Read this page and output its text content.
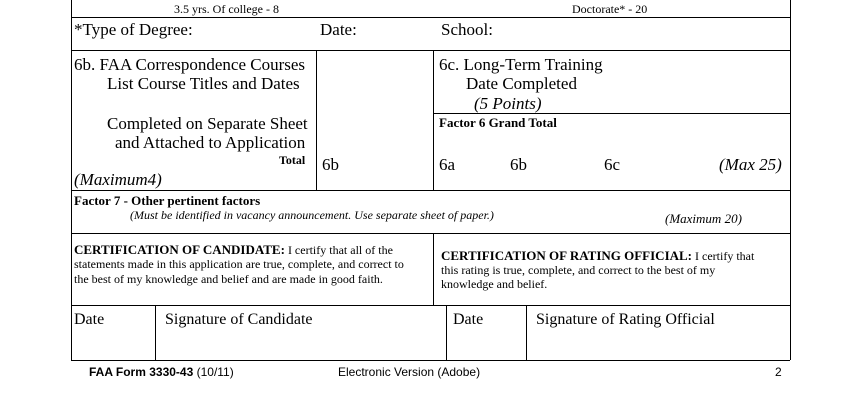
3.5 yrs. Of college - 8	Doctorate* - 20
*Type of Degree:	Date:	School:
6b. FAA Correspondence Courses
List Course Titles and Dates
Completed on Separate Sheet
and Attached to Application
Total 6b
(Maximum4)
6c. Long-Term Training
Date Completed
(5 Points)
Factor 6 Grand Total
6a	6b	6c	(Max 25)
Factor 7 - Other pertinent factors
(Must be identified in vacancy announcement. Use separate sheet of paper.)	(Maximum 20)
CERTIFICATION OF CANDIDATE: I certify that all of the
statements made in this application are true, complete, and correct to
the best of my knowledge and belief and are made in good faith.
CERTIFICATION OF RATING OFFICIAL: I certify that
this rating is true, complete, and correct to the best of my
knowledge and belief.
Date	Signature of Candidate	Date	Signature of Rating Official
FAA Form 3330-43 (10/11)	Electronic Version (Adobe)	2
